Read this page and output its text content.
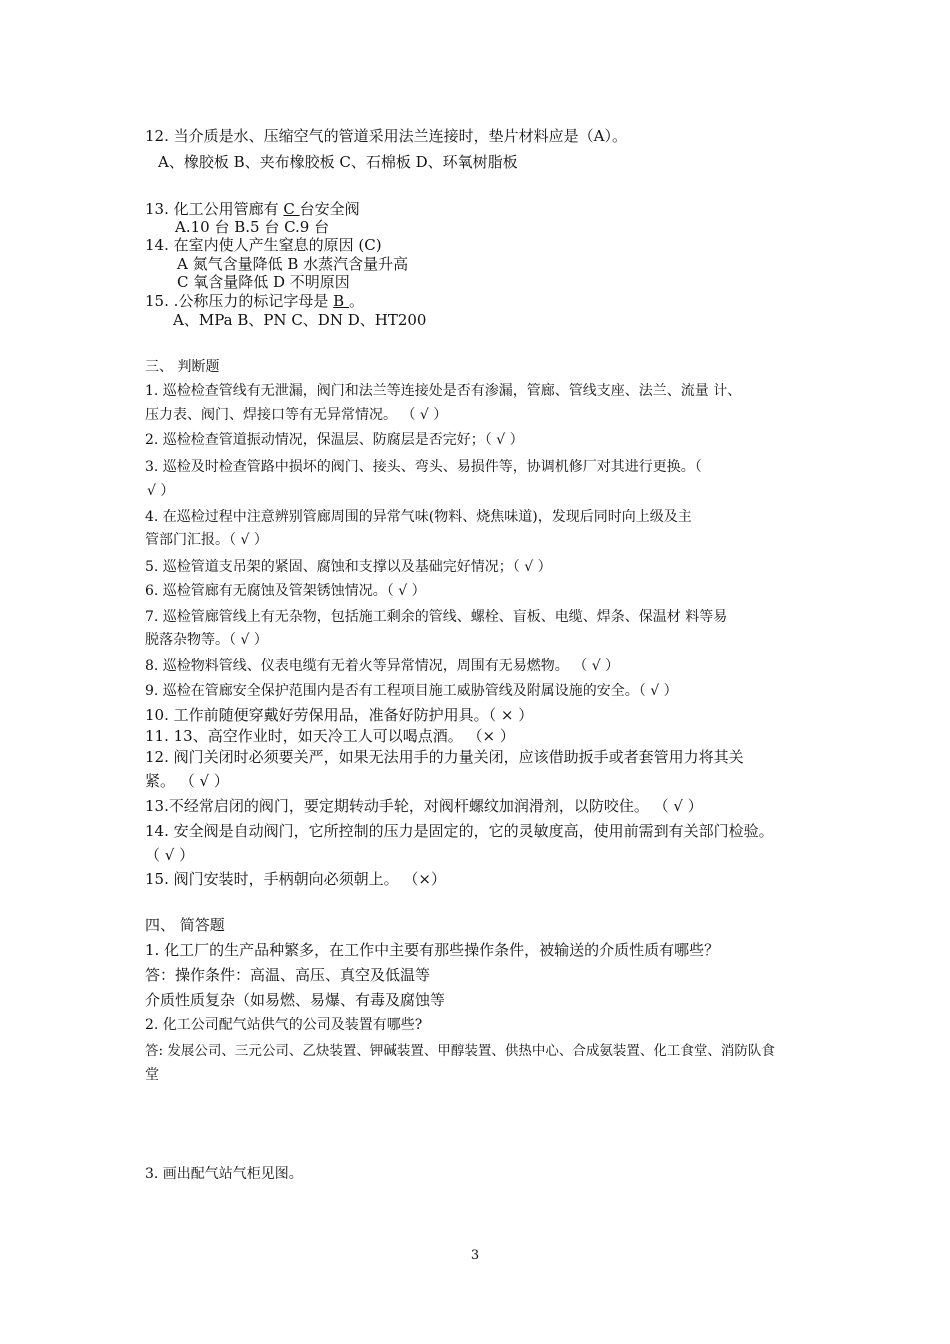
12. 当介质是水、压缩空气的管道采用法兰连接时，垫片材料应是（A）。
A、橡胶板 B、夹布橡胶板 C、石棉板 D、环氧树脂板
13. 化工公用管廊有 C 台安全阀
A.10 台 B.5 台 C.9 台
14. 在室内使人产生窒息的原因 (C)
A 氮气含量降低 B 水蒸汽含量升高
C 氧含量降低 D 不明原因
15. .公称压力的标记字母是 B 。
A、MPa B、PN C、DN D、HT200
三、 判断题
1. 巡检检查管线有无泄漏，阀门和法兰等连接处是否有渗漏，管廊、管线支座、法兰、流量 计、
压力表、阀门、焊接口等有无异常情况。 （ √ ）
2. 巡检检查管道振动情况，保温层、防腐层是否完好；（ √ ）
3. 巡检及时检查管路中损坏的阀门、接头、弯头、易损件等，协调机修厂对其进行更换。（
√ ）
4. 在巡检过程中注意辨别管廊周围的异常气味(物料、烧焦味道)，发现后同时向上级及主
管部门汇报。（ √ ）
5. 巡检管道支吊架的紧固、腐蚀和支撑以及基础完好情况；（ √ ）
6. 巡检管廊有无腐蚀及管架锈蚀情况。（ √ ）
7. 巡检管廊管线上有无杂物，包括施工剩余的管线、螺栓、盲板、电缆、焊条、保温材 料等易
脱落杂物等。（ √ ）
8. 巡检物料管线、仪表电缆有无着火等异常情况，周围有无易燃物。 （ √ ）
9. 巡检在管廊安全保护范围内是否有工程项目施工威胁管线及附属设施的安全。（ √ ）
10. 工作前随便穿戴好劳保用品，准备好防护用具。（ × ）
11. 13、高空作业时，如天冷工人可以喝点酒。 （× ）
12. 阀门关闭时必须要关严，如果无法用手的力量关闭，应该借助扳手或者套管用力将其关
紧。 （ √ ）
13.不经常启闭的阀门，要定期转动手轮，对阀杆螺纹加润滑剂，以防咬住。 （ √ ）
14. 安全阀是自动阀门，它所控制的压力是固定的，它的灵敏度高，使用前需到有关部门检验。
（ √ ）
15. 阀门安装时，手柄朝向必须朝上。 （×）
四、 简答题
1. 化工厂的生产品种繁多，在工作中主要有那些操作条件，被输送的介质性质有哪些？
答：操作条件：高温、高压、真空及低温等
介质性质复杂（如易燃、易爆、有毒及腐蚀等
2. 化工公司配气站供气的公司及装置有哪些?
答: 发展公司、三元公司、乙炔装置、钾碱装置、甲醇装置、供热中心、合成氨装置、化工食堂、消防队食
堂
3. 画出配气站气柜见图。
3
